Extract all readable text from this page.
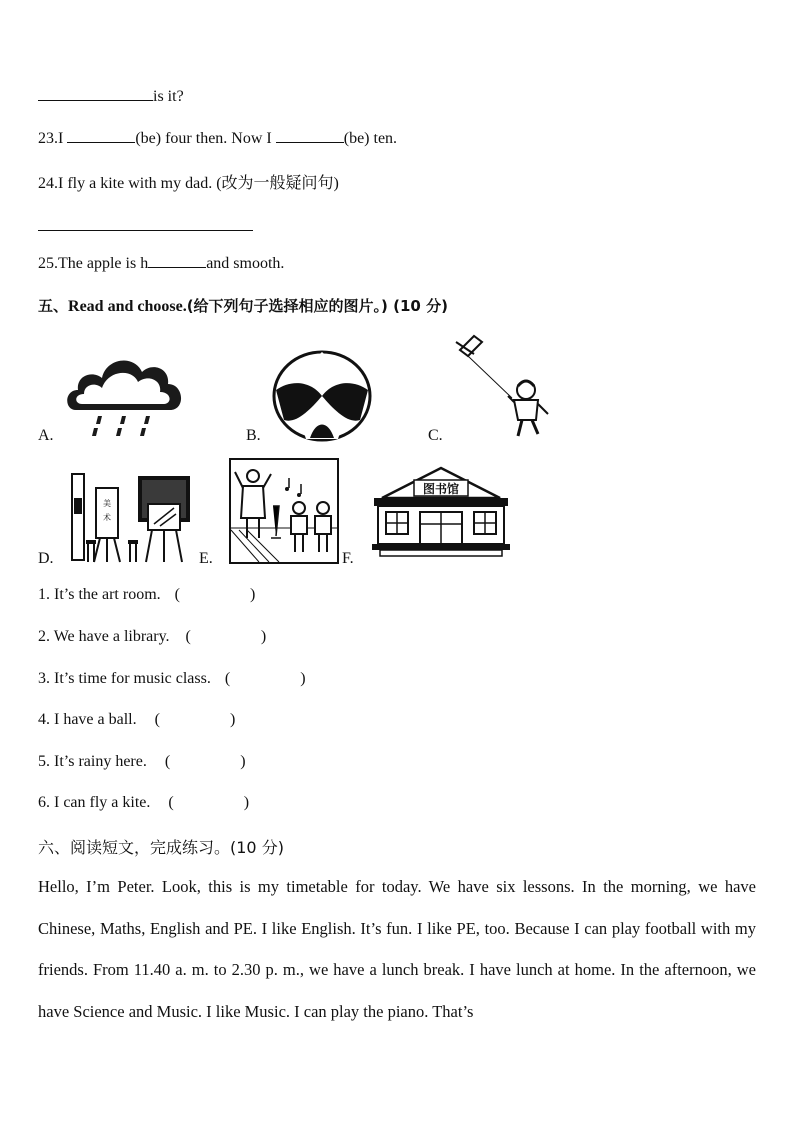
is it?
23.I	(be) four then. Now I	(be) ten.
24.I fly a kite with my dad. (改为一般疑问句)
25.The apple is h	and smooth.
五、Read and choose.(给下列句子选择相应的图片。) (10 分)
A.	B.	C.
美
术
D.	E.
图书馆
F.
1. It’s the art room. (	)
2. We have a library. (	)
3. It’s time for music class. (	)
4. I have a ball. (	)
5. It’s rainy here. (	)
6. I can fly a kite. (	)
六、阅读短文，完成练习。(10 分)
Hello, I’m Peter. Look, this is my timetable for today. We have six lessons. In the morning, we have Chinese, Maths, English and PE. I like English. It’s fun. I like PE, too. Because I can play football with my friends. From 11.40 a. m. to 2.30 p. m., we have a lunch break. I have lunch at home. In the afternoon, we have Science and Music. I like Music. I can play the piano. That’s
